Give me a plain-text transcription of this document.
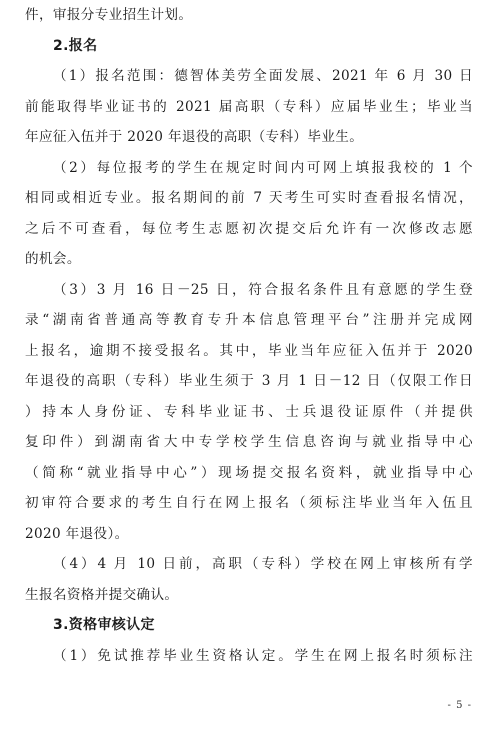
件，审报分专业招生计划。
2.报名
（1）报名范围：德智体美劳全面发展、2021 年 6 月 30 日
前能取得毕业证书的 2021 届高职（专科）应届毕业生；毕业当
年应征入伍并于 2020 年退役的高职（专科）毕业生。
（2）每位报考的学生在规定时间内可网上填报我校的 1 个
相同或相近专业。报名期间的前 7 天考生可实时查看报名情况，
之后不可查看，每位考生志愿初次提交后允许有一次修改志愿
的机会。
（3）3 月 16 日－25 日，符合报名条件且有意愿的学生登
录“湖南省普通高等教育专升本信息管理平台”注册并完成网
上报名，逾期不接受报名。其中，毕业当年应征入伍并于 2020
年退役的高职（专科）毕业生须于 3 月 1 日－12 日（仅限工作日
）持本人身份证、专科毕业证书、士兵退役证原件（并提供
复印件）到湖南省大中专学校学生信息咨询与就业指导中心
（简称“就业指导中心”）现场提交报名资料，就业指导中心
初审符合要求的考生自行在网上报名（须标注毕业当年入伍且
2020 年退役）。
（4）4 月 10 日前，高职（专科）学校在网上审核所有学
生报名资格并提交确认。
3.资格审核认定
（1）免试推荐毕业生资格认定。学生在网上报名时须标注
- 5 -
